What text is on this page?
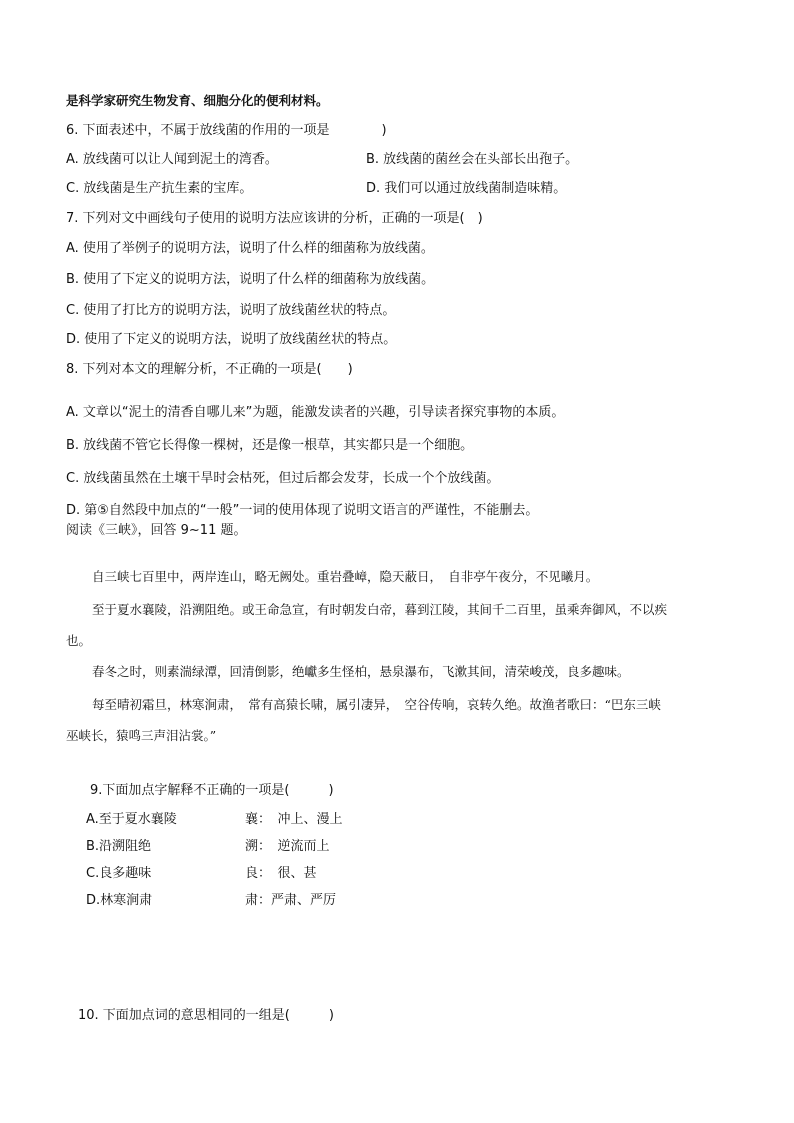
是科学家研究生物发育、细胞分化的便利材料。
6. 下面表述中，不属于放线菌的作用的一项是　　　　)
A. 放线菌可以让人闻到泥土的湾香。	B. 放线菌的菌丝会在头部长出孢子。
C. 放线菌是生产抗生素的宝库。	D. 我们可以通过放线菌制造味精。
7. 下列对文中画线句子使用的说明方法应该讲的分析，正确的一项是(　)
A. 使用了举例子的说明方法，说明了什么样的细菌称为放线菌。
B. 使用了下定义的说明方法，说明了什么样的细菌称为放线菌。
C. 使用了打比方的说明方法，说明了放线菌丝状的特点。
D. 使用了下定义的说明方法，说明了放线菌丝状的特点。
8. 下列对本文的理解分析，不正确的一项是(　　)
A. 文章以“泥土的清香自哪儿来”为题，能激发读者的兴趣，引导读者探究事物的本质。
B. 放线菌不管它长得像一棵树，还是像一根草，其实都只是一个细胞。
C. 放线菌虽然在土壤干旱时会枯死，但过后都会发芽，长成一个个放线菌。
D. 第⑤自然段中加点的“一般”一词的使用体现了说明文语言的严谨性，不能删去。
阅读《三峡》，回答 9~11 题。
自三峡七百里中，两岸连山，略无阙处。重岩叠嶂，隐天蔽日，　自非亭午夜分，不见曦月。
至于夏水襄陵，沿溯阻绝。或王命急宣，有时朝发白帝，暮到江陵，其间千二百里，虽乘奔御风，不以疾
也。
春冬之时，则素湍绿潭，回清倒影，绝巘多生怪柏，悬泉瀑布，飞漱其间，清荣峻茂，良多趣味。
每至晴初霜旦，林寒涧肃，　常有高猿长啸，属引凄异，　空谷传响，哀转久绝。故渔者歌曰：“巴东三峡
巫峡长，猿鸣三声泪沾裳。”
9.下面加点字解释不正确的一项是(　　　)
A.至于夏水襄陵	襄：　冲上、漫上
B.沿溯阻绝	溯：　逆流而上
C.良多趣味	良：　很、甚
D.林寒涧肃	肃：严肃、严厉
10. 下面加点词的意思相同的一组是(　　　)
